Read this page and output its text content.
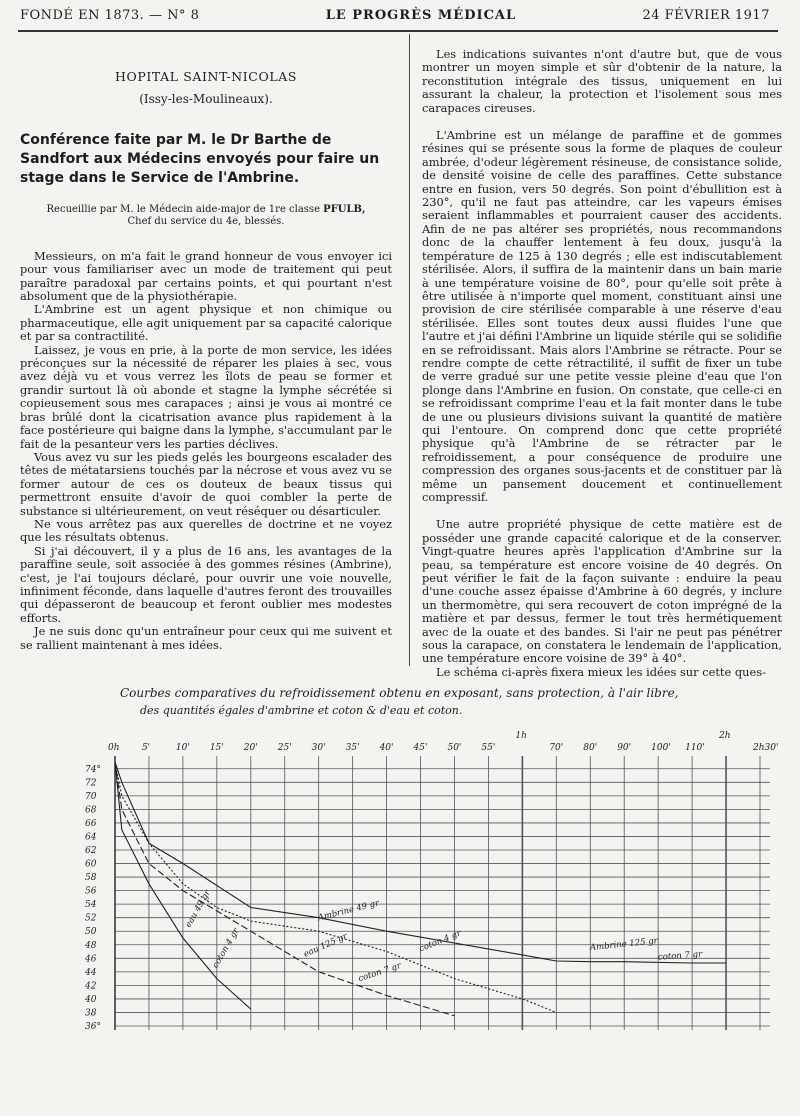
FONDÉ EN 1873. — N° 8	LE PROGRÈS MÉDICAL	24 FÉVRIER 1917
HOPITAL SAINT-NICOLAS
(Issy-les-Moulineaux).
Conférence faite par M. le Dr Barthe de Sandfort aux Médecins envoyés pour faire un stage dans le Service de l'Ambrine.
Recueillie par M. le Médecin aide-major de 1re classe PFULB,
Chef du service du 4e, blessés.

Messieurs, on m'a fait le grand honneur de vous envoyer ici pour vous familiariser avec un mode de traitement qui peut paraître paradoxal par certains points, et qui pourtant n'est absolument que de la physiothérapie.

L'Ambrine est un agent physique et non chimique ou pharmaceutique, elle agit uniquement par sa capacité calorique et par sa contractilité.

Laissez, je vous en prie, à la porte de mon service, les idées préconçues sur la nécessité de réparer les plaies à sec, vous avez déjà vu et vous verrez les îlots de peau se former et grandir surtout là où abonde et stagne la lymphe sécrétée si copieusement sous mes carapaces ; ainsi je vous ai montré ce bras brûlé dont la cicatrisation avance plus rapidement à la face postérieure qui baigne dans la lymphe, s'accumulant par le fait de la pesanteur vers les parties déclives.

Vous avez vu sur les pieds gelés les bourgeons escalader des têtes de métatarsiens touchés par la nécrose et vous avez vu se former autour de ces os douteux de beaux tissus qui permettront ensuite d'avoir de quoi combler la perte de substance si ultérieurement, on veut réséquer ou désarticuler.

Ne vous arrêtez pas aux querelles de doctrine et ne voyez que les résultats obtenus.

Si j'ai découvert, il y a plus de 16 ans, les avantages de la paraffine seule, soit associée à des gommes résines (Ambrine), c'est, je l'ai toujours déclaré, pour ouvrir une voie nouvelle, infiniment féconde, dans laquelle d'autres feront des trouvailles qui dépasseront de beaucoup et feront oublier mes modestes efforts.

Je ne suis donc qu'un entraîneur pour ceux qui me suivent et se rallient maintenant à mes idées.

Les indications suivantes n'ont d'autre but, que de vous montrer un moyen simple et sûr d'obtenir de la nature, la reconstitution intégrale des tissus, uniquement en lui assurant la chaleur, la protection et l'isolement sous mes carapaces cireuses.

L'Ambrine est un mélange de paraffine et de gommes résines qui se présente sous la forme de plaques de couleur ambrée, d'odeur légèrement résineuse, de consistance solide, de densité voisine de celle des paraffines. Cette substance entre en fusion, vers 50 degrés. Son point d'ébullition est à 230°, qu'il ne faut pas atteindre, car les vapeurs émises seraient inflammables et pourraient causer des accidents. Afin de ne pas altérer ses propriétés, nous recommandons donc de la chauffer lentement à feu doux, jusqu'à la température de 125 à 130 degrés ; elle est indiscutablement stérilisée. Alors, il suffira de la maintenir dans un bain marie à une température voisine de 80°, pour qu'elle soit prête à être utilisée à n'importe quel moment, constituant ainsi une provision de cire stérilisée comparable à une réserve d'eau stérilisée. Elles sont toutes deux aussi fluides l'une que l'autre et j'ai défini l'Ambrine un liquide stérile qui se solidifie en se refroidissant. Mais alors l'Ambrine se rétracte. Pour se rendre compte de cette rétractilité, il suffit de fixer un tube de verre gradué sur une petite vessie pleine d'eau que l'on plonge dans l'Ambrine en fusion. On constate, que celle-ci en se refroidissant comprime l'eau et la fait monter dans le tube de une ou plusieurs divisions suivant la quantité de matière qui l'entoure. On comprend donc que cette propriété physique qu'à l'Ambrine de se rétracter par le refroidissement, a pour conséquence de produire une compression des organes sous-jacents et de constituer par là même un pansement doucement et continuellement compressif.

Une autre propriété physique de cette matière est de posséder une grande capacité calorique et de la conserver. Vingt-quatre heures après l'application d'Ambrine sur la peau, sa température est encore voisine de 40 degrés. On peut vérifier le fait de la façon suivante : enduire la peau d'une couche assez épaisse d'Ambrine à 60 degrés, y inclure un thermomètre, qui sera recouvert de coton imprégné de la matière et par dessus, fermer le tout très hermétiquement avec de la ouate et des bandes. Si l'air ne peut pas pénétrer sous la carapace, on constatera le lendemain de l'application, une température encore voisine de 39° à 40°.

Le schéma ci-après fixera mieux les idées sur cette ques-

Courbes comparatives du refroidissement obtenu en exposant, sans protection, à l'air libre,
des quantités égales d'ambrine et coton & d'eau et coton.
74°
72
70
68
66
64
62
60
58
56
54
52
50
48
46
44
42
40
38
36°
0h 5'	10' 15' 20' 25' 30' 35' 40' 45' 50' 55'
1h
70' 80' 90' 100' 110'
2h
2h30'
Ambrine 125 gr
coton 7 gr
Ambrine 49 gr
coton 4 gr
eau 125 gr
coton 7 gr
eau 49 gr
coton 4 gr
